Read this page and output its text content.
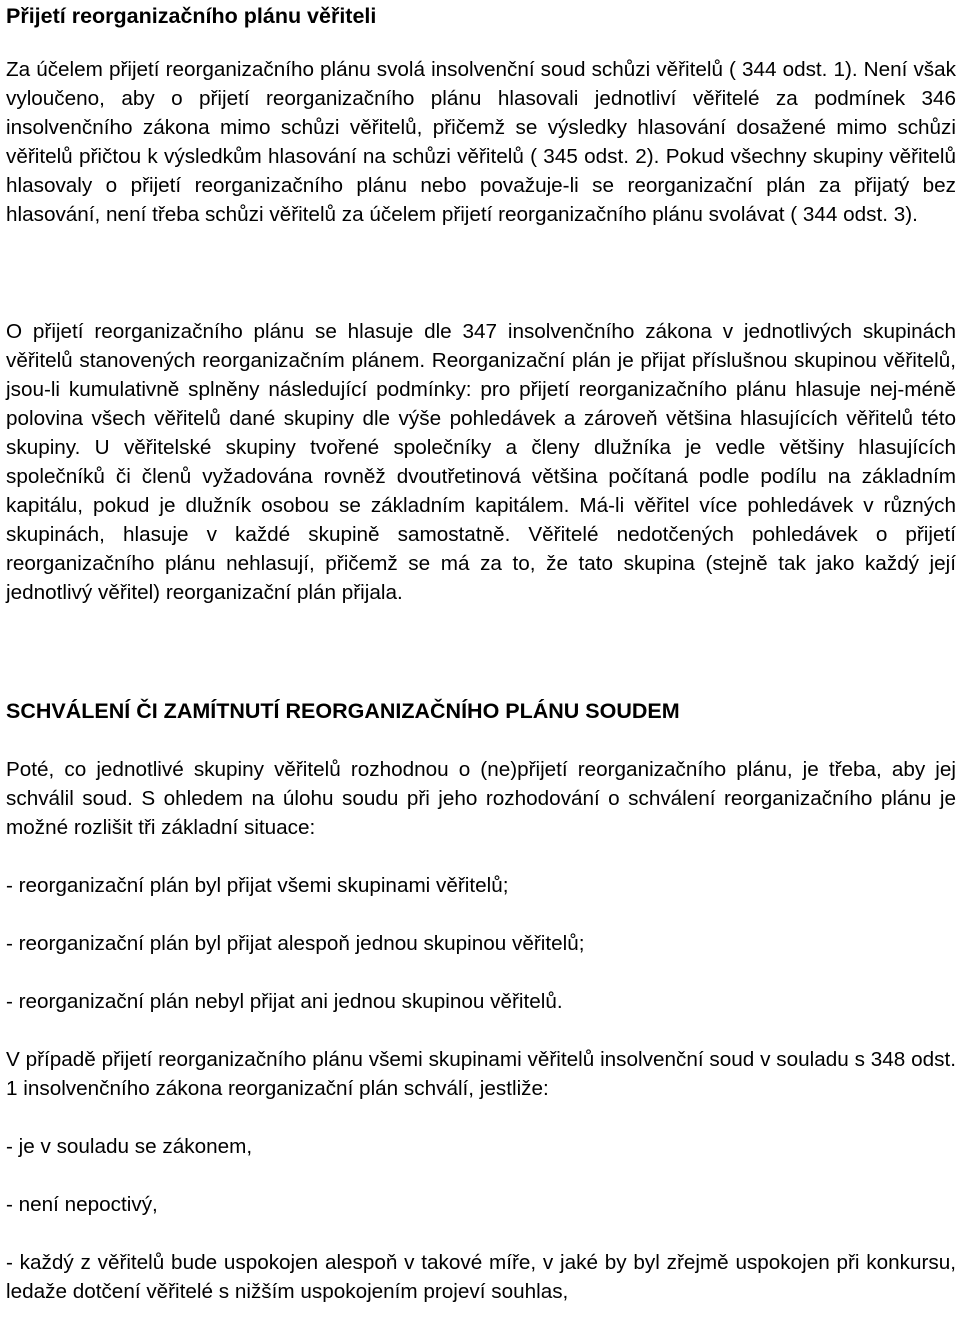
Přijetí reorganizačního plánu věřiteli

Za účelem přijetí reorganizačního plánu svolá insolvenční soud schůzi věřitelů ( 344 odst. 1). Není však vyloučeno, aby o přijetí reorganizačního plánu hlasovali jednotliví věřitelé za podmínek 346 insolvenčního zákona mimo schůzi věřitelů, přičemž se výsledky hlasování dosažené mimo schůzi věřitelů přičtou k výsledkům hlasování na schůzi věřitelů ( 345 odst. 2). Pokud všechny skupiny věřitelů hlasovaly o přijetí reorganizačního plánu nebo považuje-li se reorganizační plán za přijatý bez hlasování, není třeba schůzi věřitelů za účelem přijetí reorganizačního plánu svolávat ( 344 odst. 3).

O přijetí reorganizačního plánu se hlasuje dle 347 insolvenčního zákona v jednotlivých skupinách věřitelů stanovených reorganizačním plánem. Reorganizační plán je přijat příslušnou skupinou věřitelů, jsou-li kumulativně splněny následující podmínky: pro přijetí reorganizačního plánu hlasuje nej-méně polovina všech věřitelů dané skupiny dle výše pohledávek a zároveň většina hlasujících věřitelů této skupiny. U věřitelské skupiny tvořené společníky a členy dlužníka je vedle většiny hlasujících společníků či členů vyžadována rovněž dvoutřetinová většina počítaná podle podílu na základním kapitálu, pokud je dlužník osobou se základním kapitálem. Má-li věřitel více pohledávek v různých skupinách, hlasuje v každé skupině samostatně. Věřitelé nedotčených pohledávek o přijetí reorganizačního plánu nehlasují, přičemž se má za to, že tato skupina (stejně tak jako každý její jednotlivý věřitel) reorganizační plán přijala.

SCHVÁLENÍ ČI ZAMÍTNUTÍ REORGANIZAČNÍHO PLÁNU SOUDEM

Poté, co jednotlivé skupiny věřitelů rozhodnou o (ne)přijetí reorganizačního plánu, je třeba, aby jej schválil soud. S ohledem na úlohu soudu při jeho rozhodování o schválení reorganizačního plánu je možné rozlišit tři základní situace:

- reorganizační plán byl přijat všemi skupinami věřitelů;

- reorganizační plán byl přijat alespoň jednou skupinou věřitelů;

- reorganizační plán nebyl přijat ani jednou skupinou věřitelů.

V případě přijetí reorganizačního plánu všemi skupinami věřitelů insolvenční soud v souladu s 348 odst. 1 insolvenčního zákona reorganizační plán schválí, jestliže:

- je v souladu se zákonem,

- není nepoctivý,

- každý z věřitelů bude uspokojen alespoň v takové míře, v jaké by byl zřejmě uspokojen při konkursu, ledaže dotčení věřitelé s nižším uspokojením projeví souhlas,
